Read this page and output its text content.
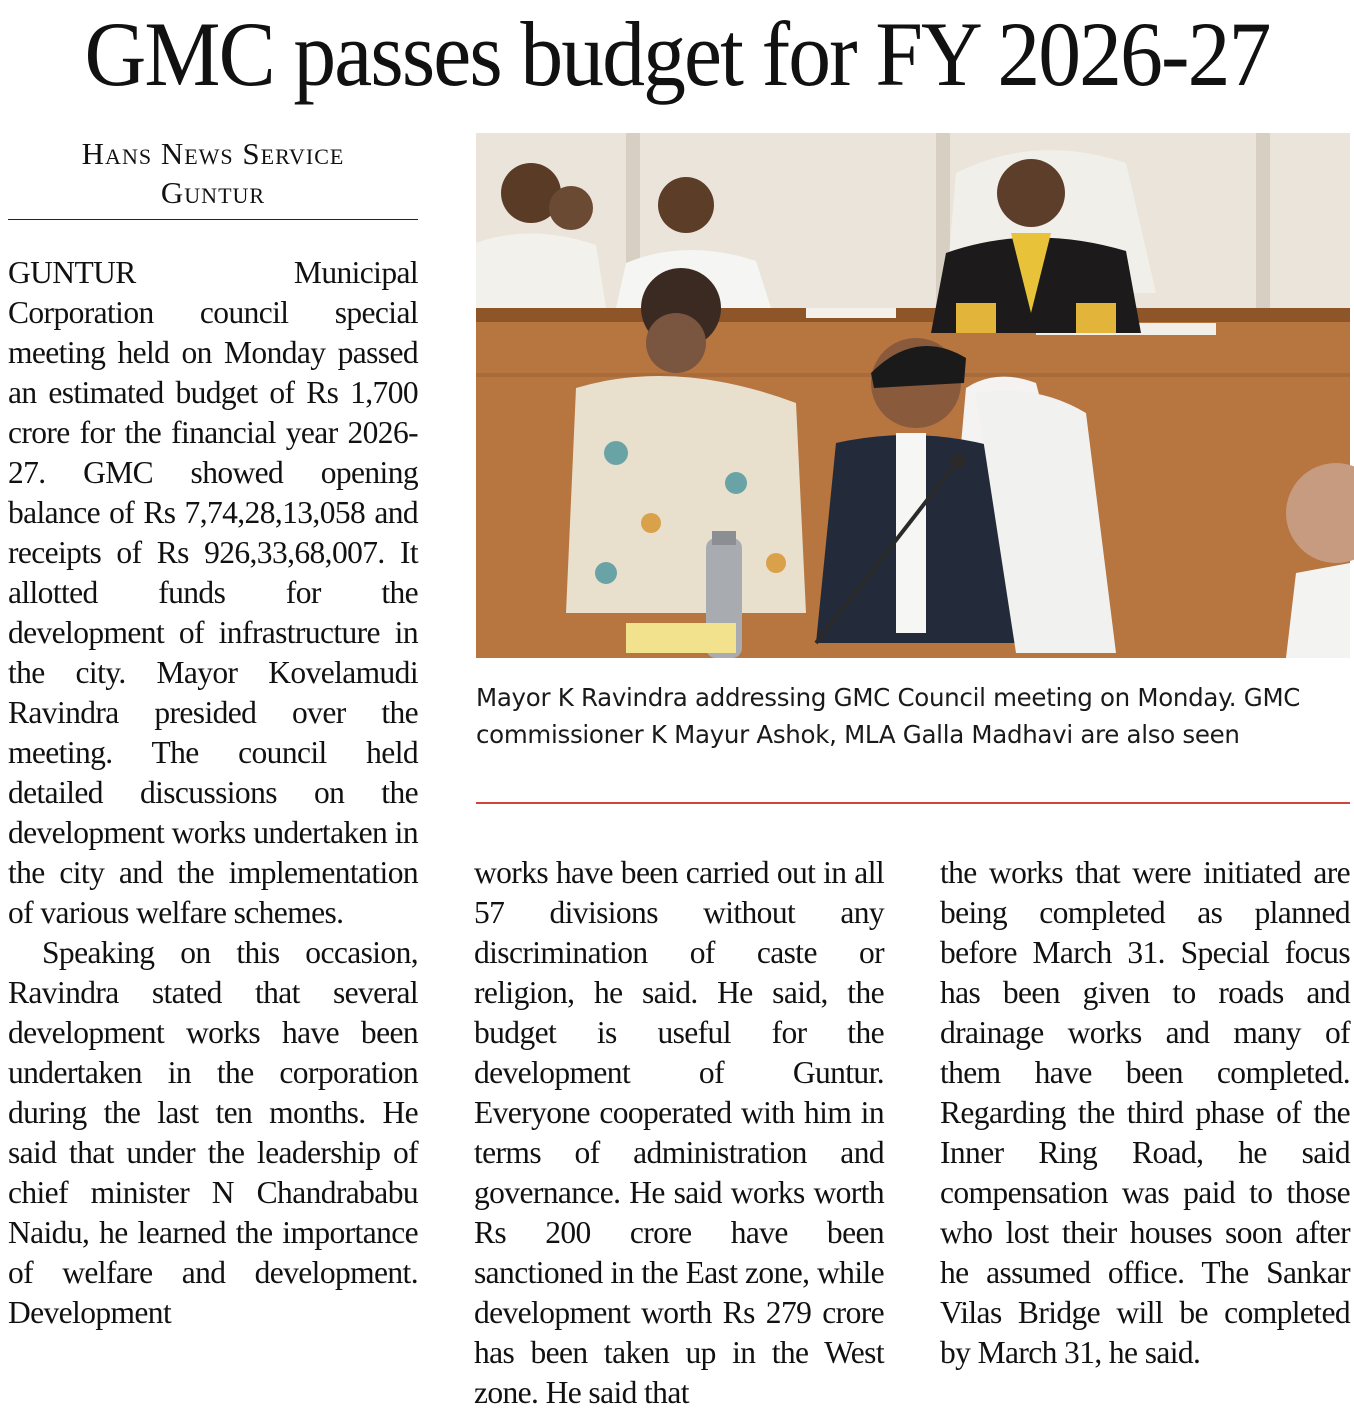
GMC passes budget for FY 2026-27
Hans News Service
Guntur

GUNTUR Municipal Corporation council special meeting held on Monday passed an estimated budget of Rs 1,700 crore for the financial year 2026-27. GMC showed opening balance of Rs 7,74,28,13,058 and receipts of Rs 926,33,68,007. It allotted funds for the development of infrastructure in the city. Mayor Kovelamudi Ravindra presided over the meeting. The council held detailed discussions on the development works undertaken in the city and the implementation of various welfare schemes.

Speaking on this occasion, Ravindra stated that several development works have been undertaken in the corporation during the last ten months. He said that under the leadership of chief minister N Chandrababu Naidu, he learned the importance of welfare and development. Development

Mayor K Ravindra addressing GMC Council meeting on Monday. GMC commissioner K Mayur Ashok, MLA Galla Madhavi are also seen

works have been carried out in all 57 divisions without any discrimination of caste or religion, he said. He said, the budget is useful for the development of Guntur. Everyone cooperated with him in terms of administration and governance. He said works worth Rs 200 crore have been sanctioned in the East zone, while development worth Rs 279 crore has been taken up in the West zone. He said that

the works that were initiated are being completed as planned before March 31. Special focus has been given to roads and drainage works and many of them have been completed. Regarding the third phase of the Inner Ring Road, he said compensation was paid to those who lost their houses soon after he assumed office. The Sankar Vilas Bridge will be completed by March 31, he said.
